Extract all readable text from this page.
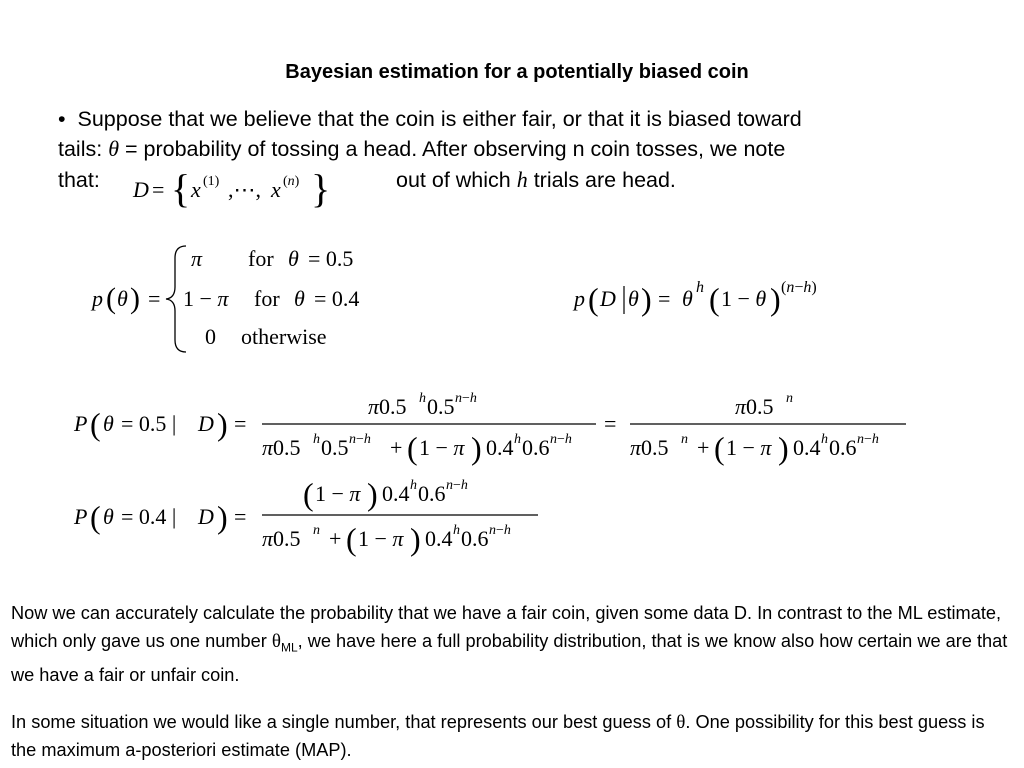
Bayesian estimation for a potentially biased coin
• Suppose that we believe that the coin is either fair, or that it is biased toward
tails: θ = probability of tossing a head. After observing n coin tosses, we note
that:	out of which h trials are head.
D = { x (1) ,⋯, x (n) }
p ( θ ) =
π for θ = 0.5
1 − π for θ = 0.4
0 otherwise
p ( D θ ) = θ h ( 1 − θ ) (n−h)
P ( θ = 0.5 | D ) =
π0.5 h 0.5 n−h
π0.5 h 0.5 n−h + ( 1 − π ) 0.4 h 0.6 n−h
=
π0.5 n
π0.5 n + ( 1 − π ) 0.4 h 0.6 n−h
P ( θ = 0.4 | D ) =
( 1 − π ) 0.4 h 0.6 n−h
π0.5 n + ( 1 − π ) 0.4 h 0.6 n−h
Now we can accurately calculate the probability that we have a fair coin, given some data D. In contrast to the ML estimate, which only gave us one number $\theta_{ML}$, we have here a full probability distribution, that is we know also how certain we are that we have a fair or unfair coin.
In some situation we would like a single number, that represents our best guess of θ. One possibility for this best guess is the maximum a-posteriori estimate (MAP).
